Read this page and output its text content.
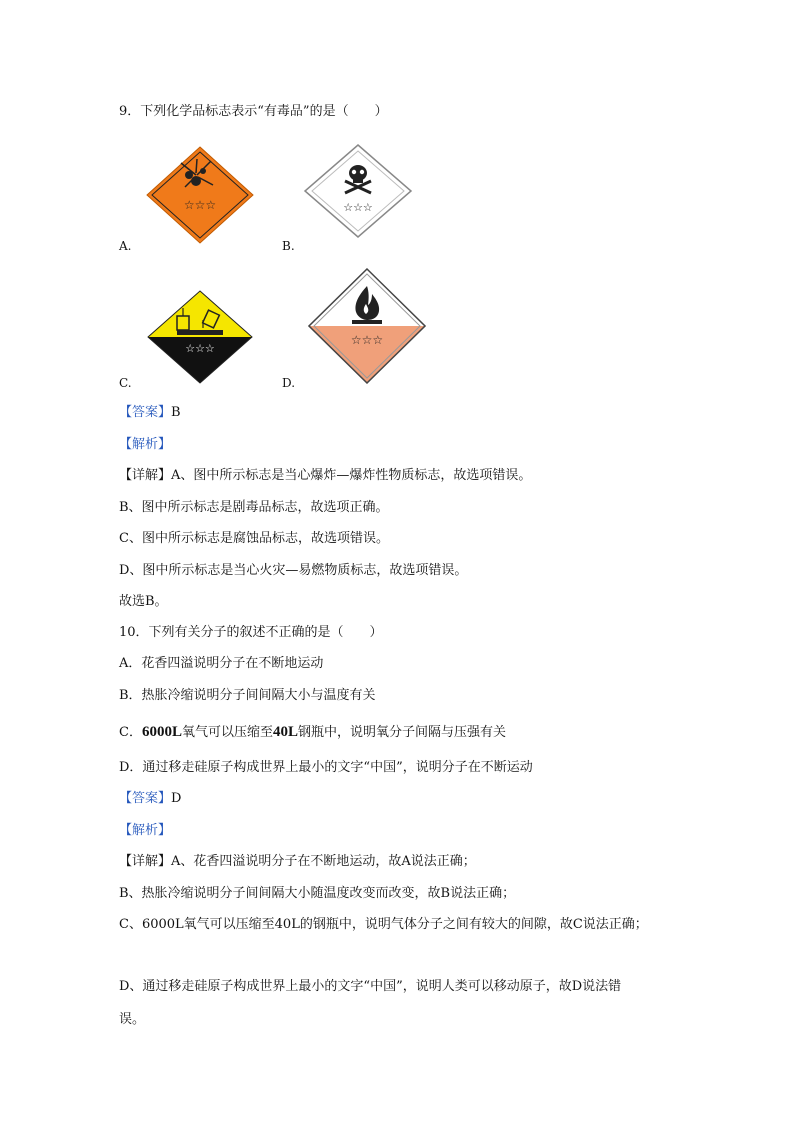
9．下列化学品标志表示“有毒品”的是（　　）
☆☆☆
A.
☆☆☆
B.
☆☆☆
C.
☆☆☆
D.
【答案】B
【解析】
【详解】A、图中所示标志是当心爆炸—爆炸性物质标志，故选项错误。
B、图中所示标志是剧毒品标志，故选项正确。
C、图中所示标志是腐蚀品标志，故选项错误。
D、图中所示标志是当心火灾—易燃物质标志，故选项错误。
故选B。
10．下列有关分子的叙述不正确的是（　　）
A．花香四溢说明分子在不断地运动
B．热胀冷缩说明分子间间隔大小与温度有关
C．6000L氧气可以压缩至40L钢瓶中，说明氧分子间隔与压强有关
D．通过移走硅原子构成世界上最小的文字“中国”，说明分子在不断运动
【答案】D
【解析】
【详解】A、花香四溢说明分子在不断地运动，故A说法正确；
B、热胀冷缩说明分子间间隔大小随温度改变而改变，故B说法正确；
C、6000L氧气可以压缩至40L的钢瓶中，说明气体分子之间有较大的间隙，故C说法正确；
D、通过移走硅原子构成世界上最小的文字“中国”，说明人类可以移动原子，故D说法错
误。
